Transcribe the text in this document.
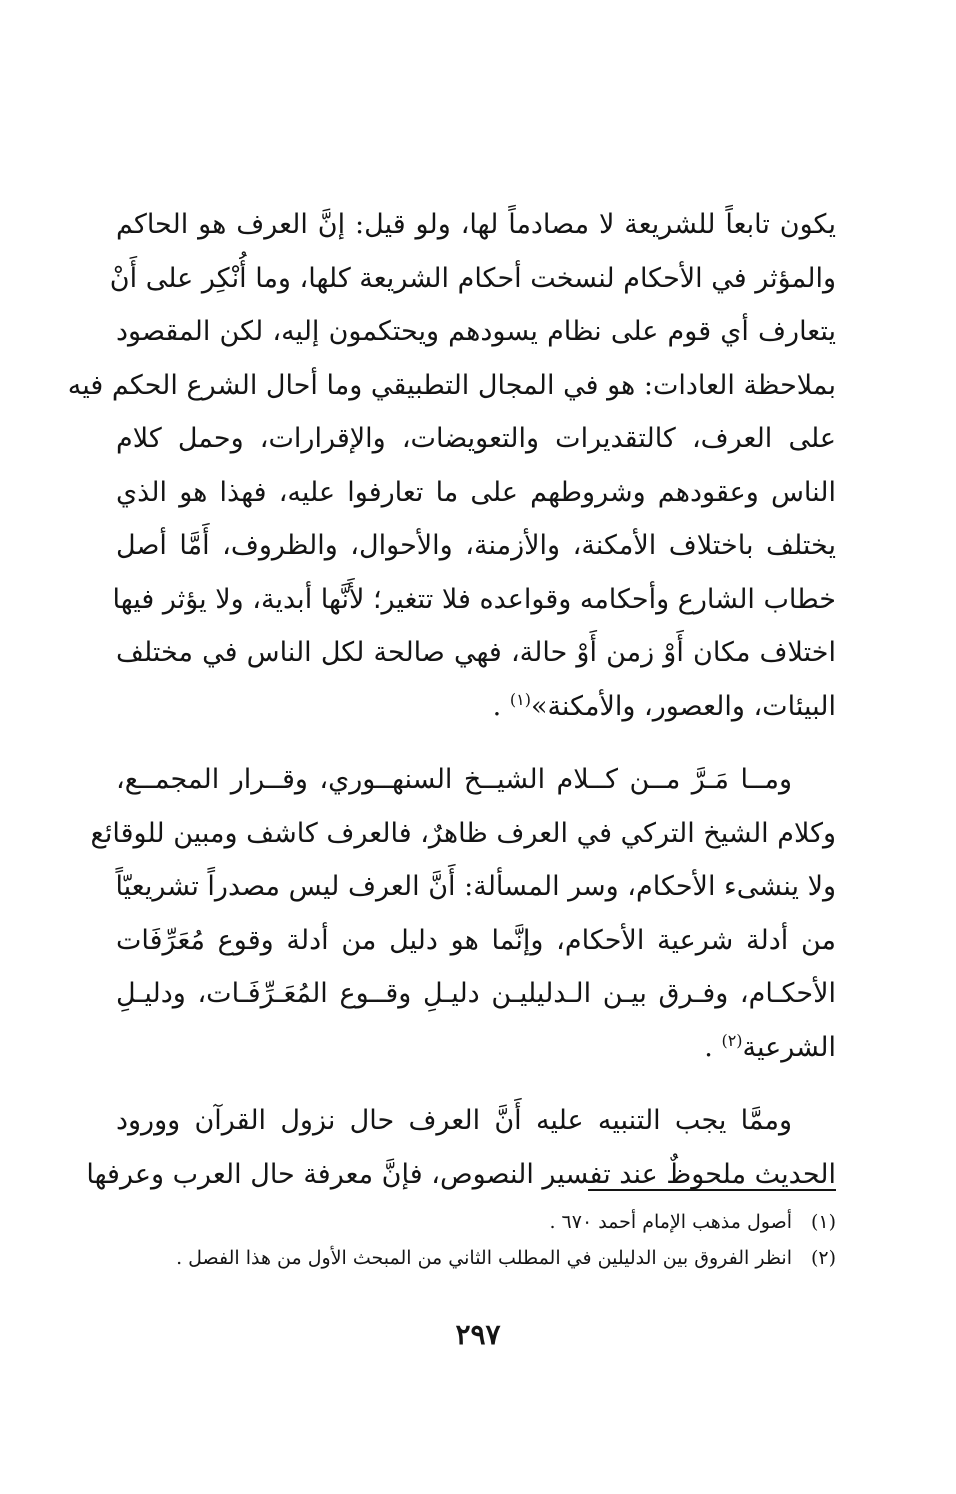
يكون تابعاً للشريعة لا مصادماً لها، ولو قيل: إنَّ العرف هو الحاكم
والمؤثر في الأحكام لنسخت أحكام الشريعة كلها، وما أُنْكِر على أَنْ
يتعارف أي قوم على نظام يسودهم ويحتكمون إليه، لكن المقصود
بملاحظة العادات: هو في المجال التطبيقي وما أحال الشرع الحكم فيه
على العرف، كالتقديرات والتعويضات، والإقرارات، وحمل كلام
الناس وعقودهم وشروطهم على ما تعارفوا عليه، فهذا هو الذي
يختلف باختلاف الأمكنة، والأزمنة، والأحوال، والظروف، أَمَّا أصل
خطاب الشارع وأحكامه وقواعده فلا تتغير؛ لأَنَّها أبدية، ولا يؤثر فيها
اختلاف مكان أَوْ زمن أَوْ حالة، فهي صالحة لكل الناس في مختلف
البيئات، والعصور، والأمكنة»$^{(١)}$ .

ومــا مَـرَّ مــن كــلام الشيــخ السنهــوري، وقــرار المجمــع،
وكلام الشيخ التركي في العرف ظاهرٌ، فالعرف كاشف ومبين للوقائع
ولا ينشىء الأحكام، وسر المسألة: أَنَّ العرف ليس مصدراً تشريعيّاً
من أدلة شرعية الأحكام، وإنَّما هو دليل من أدلة وقوع مُعَرِّفَات
الأحكـام، وفـرق بيـن الـدليليـن دليـلِ وقــوع المُعَـرِّفَـات، ودليـلِ
الشرعية$^{(٢)}$ .

وممَّا يجب التنبيه عليه أَنَّ العرف حال نزول القرآن وورود
الحديث ملحوظٌ عند تفسير النصوص، فإنَّ معرفة حال العرب وعرفها

(١)أصول مذهب الإمام أحمد ٦٧٠ .
(٢)انظر الفروق بين الدليلين في المطلب الثاني من المبحث الأول من هذا الفصل .
٢٩٧
